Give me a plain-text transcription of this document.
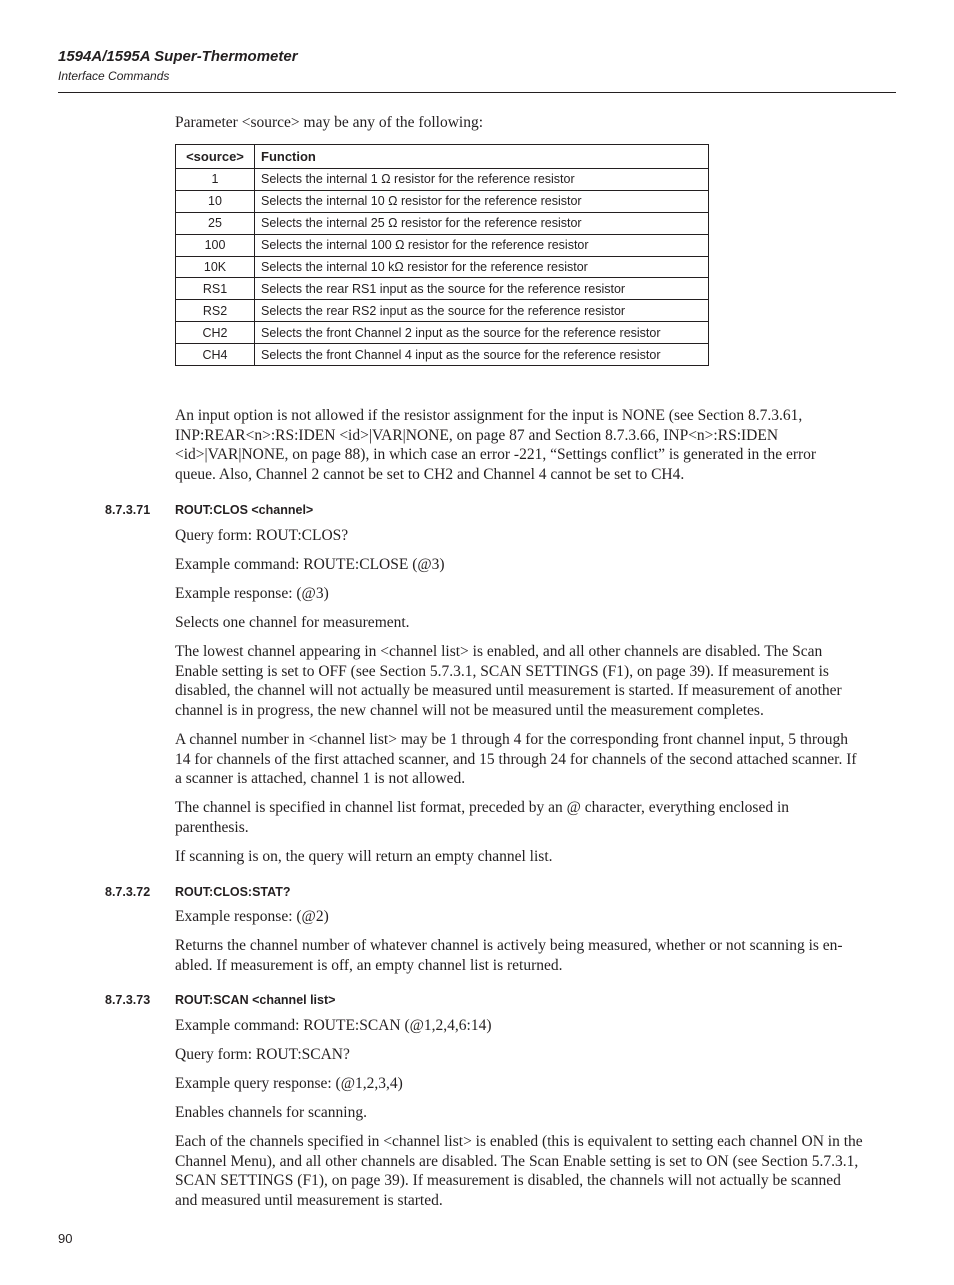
1594A/1595A Super-Thermometer
Interface Commands

Parameter <source> may be any of the following:

<source>	Function
1	Selects the internal 1 Ω resistor for the reference resistor
10	Selects the internal 10 Ω resistor for the reference resistor
25	Selects the internal 25 Ω resistor for the reference resistor
100	Selects the internal 100 Ω resistor for the reference resistor
10K	Selects the internal 10 kΩ resistor for the reference resistor
RS1	Selects the rear RS1 input as the source for the reference resistor
RS2	Selects the rear RS2 input as the source for the reference resistor
CH2	Selects the front Channel 2 input as the source for the reference resistor
CH4	Selects the front Channel 4 input as the source for the reference resistor
An input option is not allowed if the resistor assignment for the input is NONE (see Section 8.7.3.61,
INP:REAR<n>:RS:IDEN <id>|VAR|NONE, on page 87 and Section 8.7.3.66, INP<n>:RS:IDEN
<id>|VAR|NONE, on page 88), in which case an error -221, “Settings conflict” is generated in the error
queue. Also, Channel 2 cannot be set to CH2 and Channel 4 cannot be set to CH4.
8.7.3.71 ROUT:CLOS <channel>
Query form: ROUT:CLOS?
Example command: ROUTE:CLOSE (@3)
Example response: (@3)
Selects one channel for measurement.
The lowest channel appearing in <channel list> is enabled, and all other channels are disabled. The Scan
Enable setting is set to OFF (see Section 5.7.3.1, SCAN SETTINGS (F1), on page 39). If measurement is
disabled, the channel will not actually be measured until measurement is started. If measurement of another
channel is in progress, the new channel will not be measured until the measurement completes.
A channel number in <channel list> may be 1 through 4 for the corresponding front channel input, 5 through
14 for channels of the first attached scanner, and 15 through 24 for channels of the second attached scanner. If
a scanner is attached, channel 1 is not allowed.
The channel is specified in channel list format, preceded by an @ character, everything enclosed in
parenthesis.
If scanning is on, the query will return an empty channel list.
8.7.3.72 ROUT:CLOS:STAT?
Example response: (@2)
Returns the channel number of whatever channel is actively being measured, whether or not scanning is en-
abled. If measurement is off, an empty channel list is returned.
8.7.3.73 ROUT:SCAN <channel list>
Example command: ROUTE:SCAN (@1,2,4,6:14)
Query form: ROUT:SCAN?
Example query response: (@1,2,3,4)
Enables channels for scanning.
Each of the channels specified in <channel list> is enabled (this is equivalent to setting each channel ON in the
Channel Menu), and all other channels are disabled. The Scan Enable setting is set to ON (see Section 5.7.3.1,
SCAN SETTINGS (F1), on page 39). If measurement is disabled, the channels will not actually be scanned
and measured until measurement is started.
90
